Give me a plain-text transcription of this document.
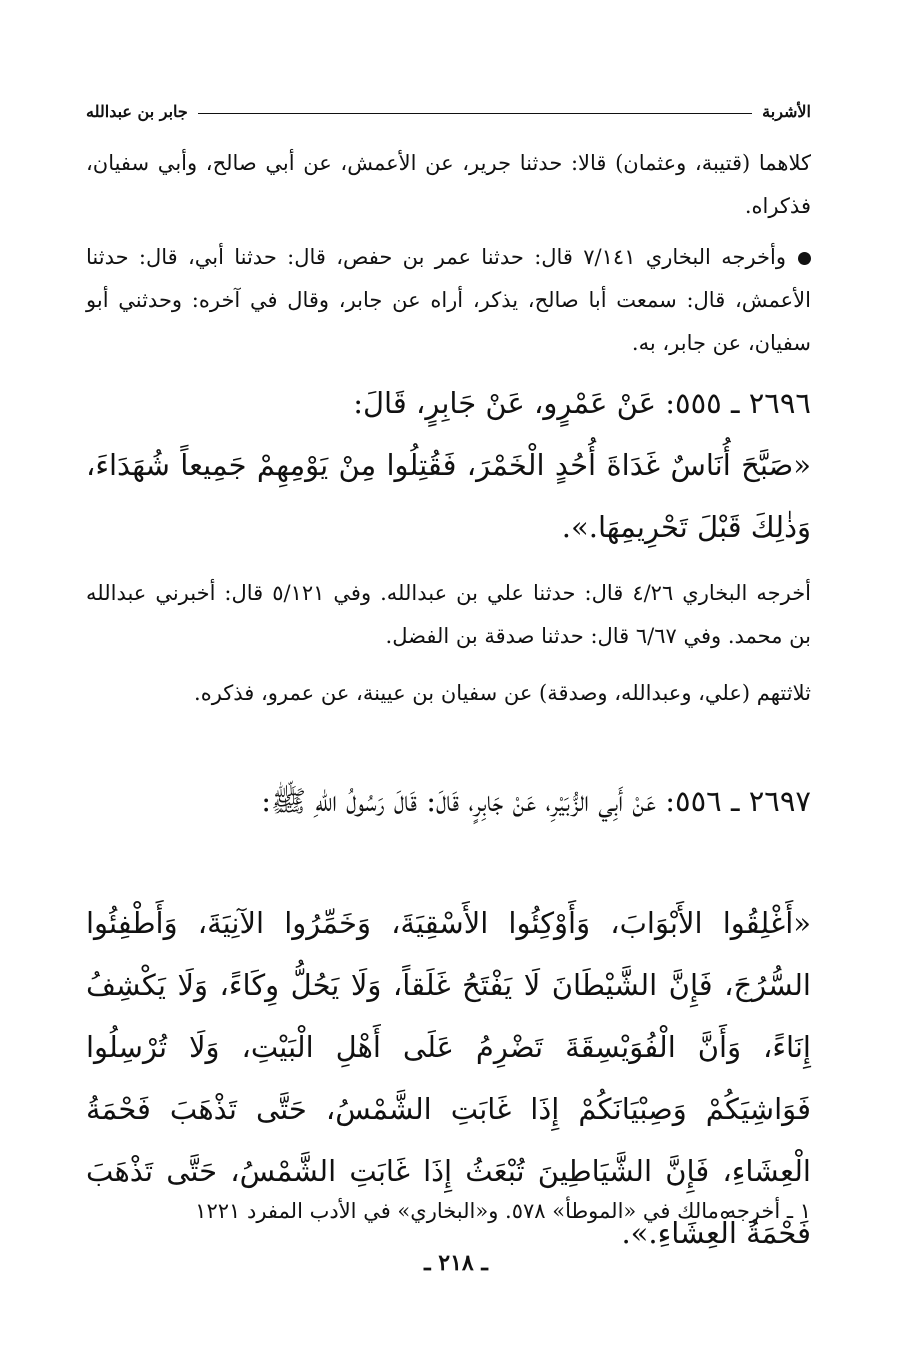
الأشربة
جابر بن عبدالله

كلاهما (قتيبة، وعثمان) قالا: حدثنا جرير، عن الأعمش، عن أبي صالح، وأبي سفيان، فذكراه.

وأخرجه البخاري ٧/١٤١ قال: حدثنا عمر بن حفص، قال: حدثنا أبي، قال: حدثنا الأعمش، قال: سمعت أبا صالح، يذكر، أراه عن جابر، وقال في آخره: وحدثني أبو سفيان، عن جابر، به.

٢٦٩٦ ـ ٥٥٥: عَنْ عَمْرٍو، عَنْ جَابِرٍ، قَالَ:

«صَبَّحَ أُنَاسٌ غَدَاةَ أُحُدٍ الْخَمْرَ، فَقُتِلُوا مِنْ يَوْمِهِمْ جَمِيعاً شُهَدَاءَ، وَذٰلِكَ قَبْلَ تَحْرِيمِهَا.».

أخرجه البخاري ٤/٢٦ قال: حدثنا علي بن عبدالله. وفي ٥/١٢١ قال: أخبرني عبدالله بن محمد. وفي ٦/٦٧ قال: حدثنا صدقة بن الفضل.

ثلاثتهم (علي، وعبدالله، وصدقة) عن سفيان بن عيينة، عن عمرو، فذكره.

٢٦٩٧ ـ ٥٥٦: عَنْ أَبِي الزُّبَيْرِ، عَنْ جَابِرٍ، قَالَ: قَالَ رَسُولُ اللّٰهِ ﷺ:

«أَغْلِقُوا الأَبْوَابَ، وَأَوْكِئُوا الأَسْقِيَةَ، وَخَمِّرُوا الآنِيَةَ، وَأَطْفِئُوا السُّرُجَ، فَإِنَّ الشَّيْطَانَ لَا يَفْتَحُ غَلَقاً، وَلَا يَحُلُّ وِكَاءً، وَلَا يَكْشِفُ إِنَاءً، وَأَنَّ الْفُوَيْسِقَةَ تَضْرِمُ عَلَى أَهْلِ الْبَيْتِ، وَلَا تُرْسِلُوا فَوَاشِيَكُمْ وَصِبْيَانَكُمْ إِذَا غَابَتِ الشَّمْسُ، حَتَّى تَذْهَبَ فَحْمَةُ الْعِشَاءِ، فَإِنَّ الشَّيَاطِينَ تُبْعَثُ إِذَا غَابَتِ الشَّمْسُ، حَتَّى تَذْهَبَ فَحْمَةُ الْعِشَاءِ.».

١ ـ أخرجه مالك في «الموطأ» ٥٧٨. و«البخاري» في الأدب المفرد ١٢٢١

ـ ٢١٨ ـ
